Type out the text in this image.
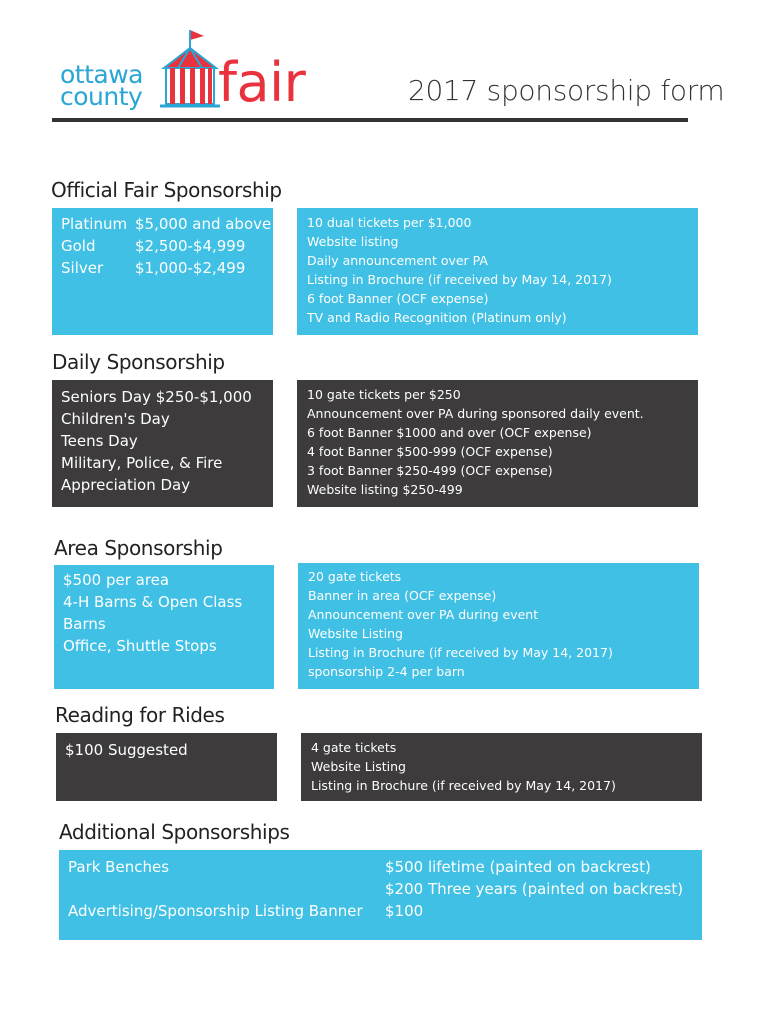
ottawa
county fair	2017 sponsorship form
Official Fair Sponsorship
Platinum $5,000 and above
Gold	$2,500-$4,999
Silver	$1,000-$2,499
10 dual tickets per $1,000
Website listing
Daily announcement over PA
Listing in Brochure (if received by May 14, 2017)
6 foot Banner (OCF expense)
TV and Radio Recognition (Platinum only)
Daily Sponsorship
Seniors Day $250-$1,000
Children's Day
Teens Day
Military, Police, & Fire
Appreciation Day
10 gate tickets per $250
Announcement over PA during sponsored daily event.
6 foot Banner $1000 and over (OCF expense)
4 foot Banner $500-999 (OCF expense)
3 foot Banner $250-499 (OCF expense)
Website listing $250-499
Area Sponsorship
$500 per area
4-H Barns & Open Class
Barns
Office, Shuttle Stops
20 gate tickets
Banner in area (OCF expense)
Announcement over PA during event
Website Listing
Listing in Brochure (if received by May 14, 2017)
sponsorship 2-4 per barn
Reading for Rides
$100 Suggested	4 gate tickets
Website Listing
Listing in Brochure (if received by May 14, 2017)
Additional Sponsorships
Park Benches	$500 lifetime (painted on backrest)
$200 Three years (painted on backrest)
Advertising/Sponsorship Listing Banner $100
